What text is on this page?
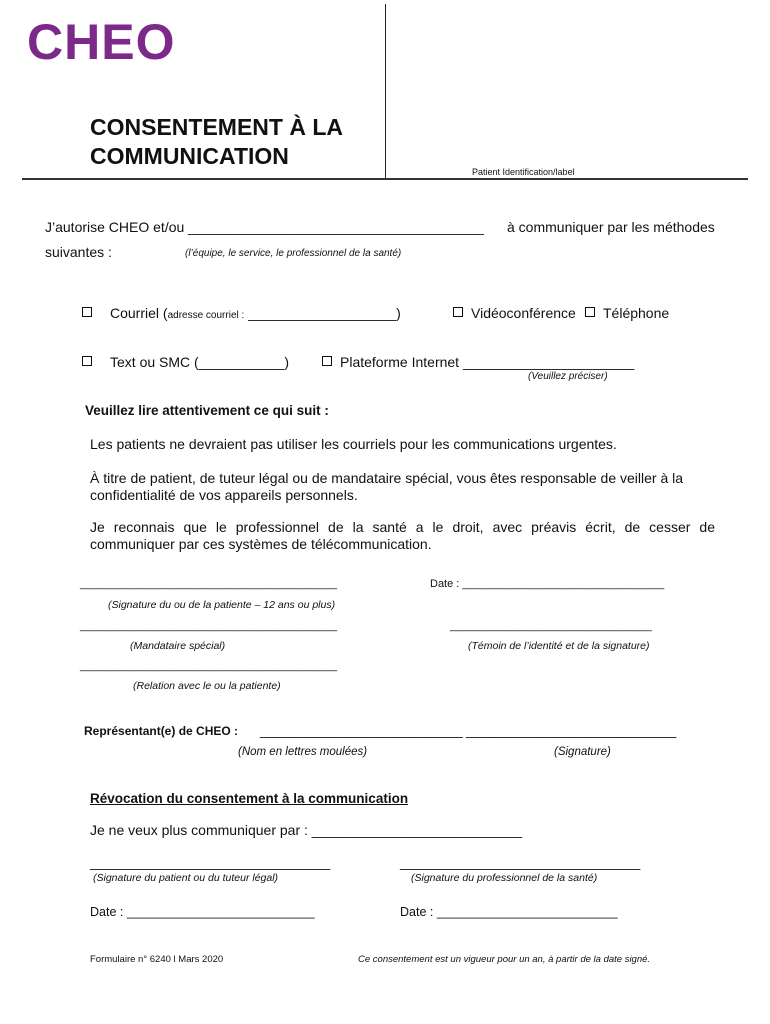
CHEO
CONSENTEMENT À LA COMMUNICATION
Patient Identification/label
J’autorise CHEO et/ou ______________________________________ à communiquer par les méthodes
suivantes :	(l’équipe, le service, le professionnel de la santé)
Courriel (adresse courriel : ___________________)	Vidéoconférence	Téléphone
Text ou SMC (___________)	Plateforme Internet ______________________
(Veuillez préciser)
Veuillez lire attentivement ce qui suit :
Les patients ne devraient pas utiliser les courriels pour les communications urgentes.
À titre de patient, de tuteur légal ou de mandataire spécial, vous êtes responsable de veiller à la confidentialité de vos appareils personnels.
Je reconnais que le professionnel de la santé a le droit, avec préavis écrit, de cesser de communiquer par ces systèmes de télécommunication.
__________________________________________	Date : _________________________________
(Signature du ou de la patiente – 12 ans ou plus)
__________________________________________	_________________________________
(Mandataire spécial)	(Témoin de l’identité et de la signature)
__________________________________________
(Relation avec le ou la patiente)
Représentant(e) de CHEO : ___________________________ ____________________________
(Nom en lettres moulées)	(Signature)
Révocation du consentement à la communication
Je ne veux plus communiquer par : ___________________________
________________________________	________________________________
(Signature du patient ou du tuteur légal)	(Signature du professionnel de la santé)
Date : ___________________________	Date : __________________________
Formulaire n° 6240 l Mars 2020	Ce consentement est un vigueur pour un an, à partir de la date signé.
